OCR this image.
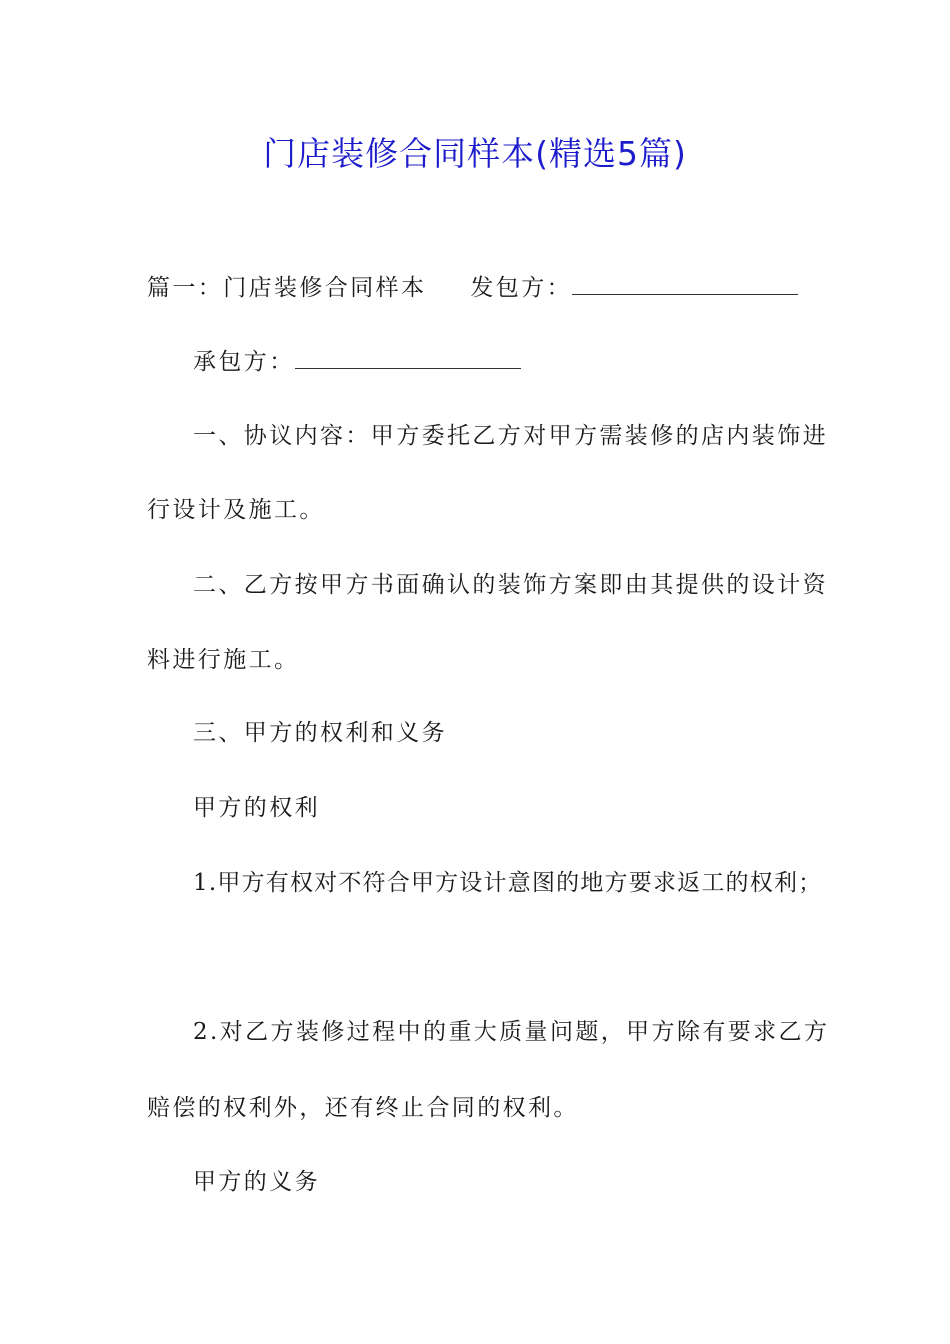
门店装修合同样本(精选5篇)
篇一：门店装修合同样本 发包方：
承包方：
一、协议内容：甲方委托乙方对甲方需装修的店内装饰进
行设计及施工。
二、乙方按甲方书面确认的装饰方案即由其提供的设计资
料进行施工。
三、甲方的权利和义务
甲方的权利
1.甲方有权对不符合甲方设计意图的地方要求返工的权利；
2.对乙方装修过程中的重大质量问题，甲方除有要求乙方
赔偿的权利外，还有终止合同的权利。
甲方的义务
